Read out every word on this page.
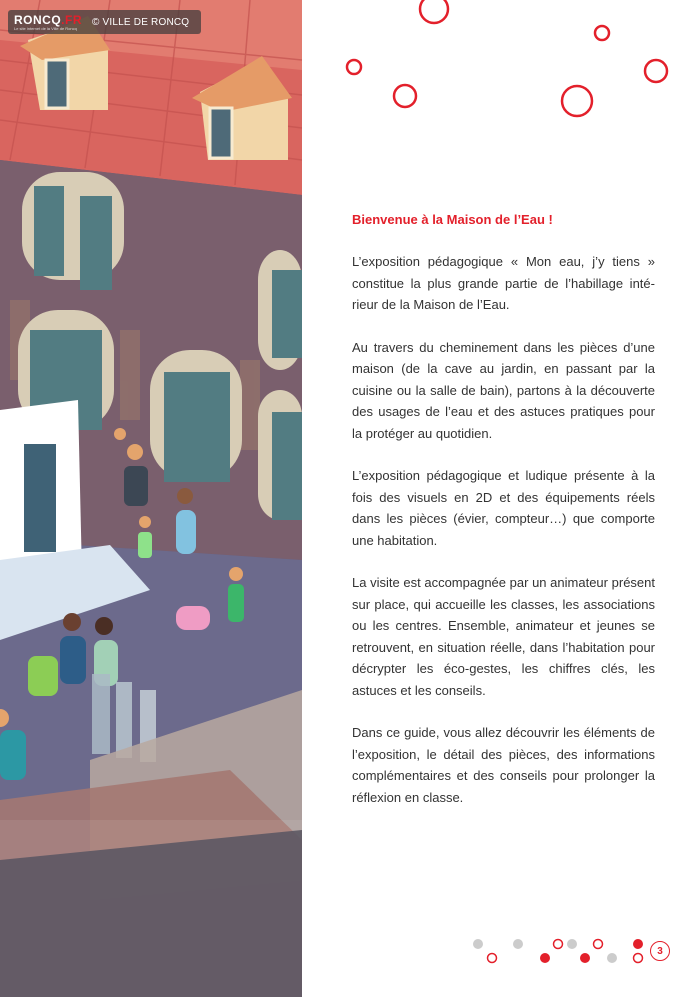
RONCQ.FR
Le site internet de la Ville de Roncq
© VILLE DE RONCQ
Bienvenue à la Maison de l’Eau !

L’exposition pédagogique « Mon eau, j’y tiens » constitue la plus grande partie de l’habillage intérieur de la Maison de l’Eau.

Au travers du cheminement dans les pièces d’une maison (de la cave au jardin, en passant par la cuisine ou la salle de bain), partons à la découverte des usages de l’eau et des astuces pratiques pour la protéger au quotidien.

L’exposition pédagogique et ludique présente à la fois des visuels en 2D et des équipements réels dans les pièces (évier, compteur…) que comporte une habitation.

La visite est accompagnée par un animateur présent sur place, qui accueille les classes, les associations ou les centres. Ensemble, animateur et jeunes se retrouvent, en situation réelle, dans l’habitation pour décrypter les éco-gestes, les chiffres clés, les astuces et les conseils.

Dans ce guide, vous allez découvrir les éléments de l’exposition, le détail des pièces, des informations complémentaires et des conseils pour prolonger la réflexion en classe.

3
